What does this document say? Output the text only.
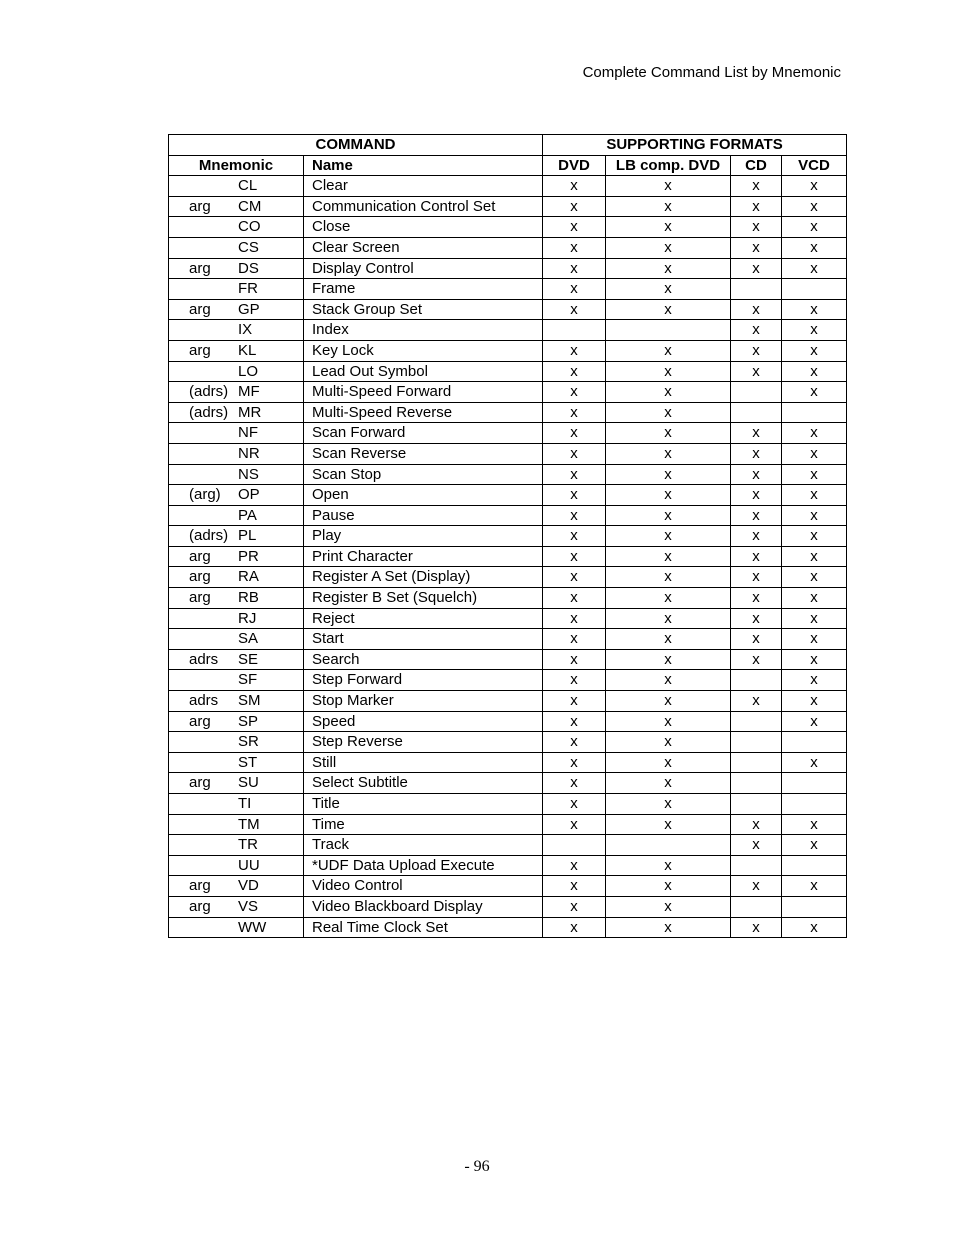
Complete Command List by Mnemonic
COMMAND		SUPPORTING FORMATS			
Mnemonic	Name	DVD	LB comp. DVD	CD	VCD
CL	Clear	x	x	x	x
arg CM	Communication Control Set	x	x	x	x
CO	Close	x	x	x	x
CS	Clear Screen	x	x	x	x
arg DS	Display Control	x	x	x	x
FR	Frame	x	x		
arg GP	Stack Group Set	x	x	x	x
IX	Index			x	x
arg KL	Key Lock	x	x	x	x
LO	Lead Out Symbol	x	x	x	x
(adrs) MF	Multi-Speed Forward	x	x		x
(adrs) MR	Multi-Speed Reverse	x	x		
NF	Scan Forward	x	x	x	x
NR	Scan Reverse	x	x	x	x
NS	Scan Stop	x	x	x	x
(arg) OP	Open	x	x	x	x
PA	Pause	x	x	x	x
(adrs) PL	Play	x	x	x	x
arg PR	Print Character	x	x	x	x
arg RA	Register A Set (Display)	x	x	x	x
arg RB	Register B Set (Squelch)	x	x	x	x
RJ	Reject	x	x	x	x
SA	Start	x	x	x	x
adrs SE	Search	x	x	x	x
SF	Step Forward	x	x		x
adrs SM	Stop Marker	x	x	x	x
arg SP	Speed	x	x		x
SR	Step Reverse	x	x		
ST	Still	x	x		x
arg SU	Select Subtitle	x	x		
TI	Title	x	x		
TM	Time	x	x	x	x
TR	Track			x	x
UU	*UDF Data Upload Execute	x	x		
arg VD	Video Control	x	x	x	x
arg VS	Video Blackboard Display	x	x		
WW	Real Time Clock Set	x	x	x	x
- 96
